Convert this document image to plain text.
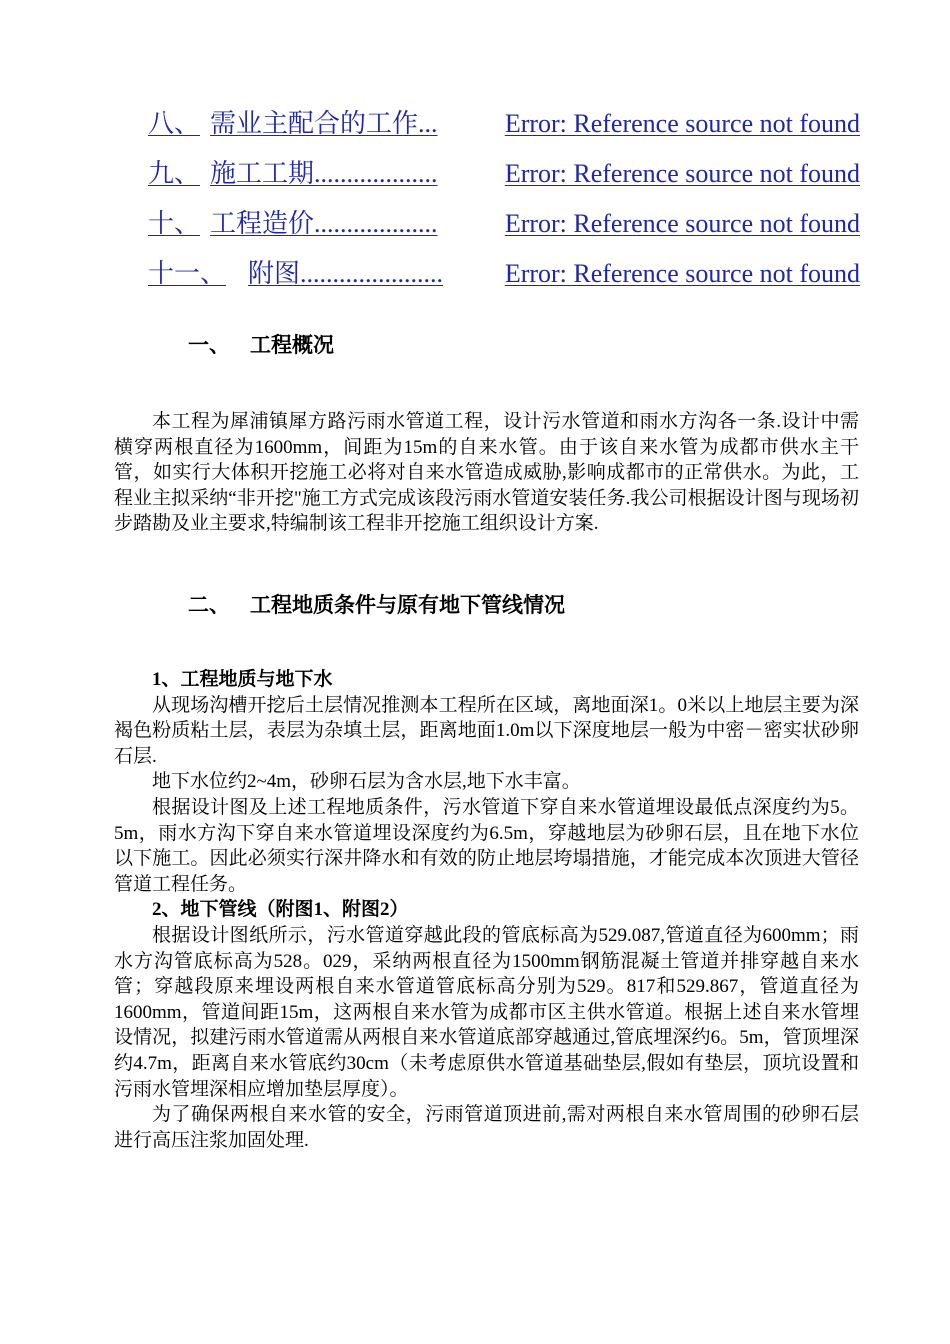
八、 需业主配合的工作 ...	Error: Reference source not found
九、 施工工期 ...................	Error: Reference source not found
十、 工程造价 ...................	Error: Reference source not found
十一、 附图 ......................	Error: Reference source not found
一、 工程概况

本工程为犀浦镇犀方路污雨水管道工程，设计污水管道和雨水方沟各一条.设计中需横穿两根直径为1600mm，间距为15m的自来水管。由于该自来水管为成都市供水主干管，如实行大体积开挖施工必将对自来水管造成威胁,影响成都市的正常供水。为此，工程业主拟采纳“非开挖"施工方式完成该段污雨水管道安装任务.我公司根据设计图与现场初步踏勘及业主要求,特编制该工程非开挖施工组织设计方案.

二、 工程地质条件与原有地下管线情况

1、工程地质与地下水

从现场沟槽开挖后土层情况推测本工程所在区域，离地面深1。0米以上地层主要为深褐色粉质粘土层，表层为杂填土层，距离地面1.0m以下深度地层一般为中密－密实状砂卵石层.

地下水位约2~4m，砂卵石层为含水层,地下水丰富。

根据设计图及上述工程地质条件，污水管道下穿自来水管道埋设最低点深度约为5。5m，雨水方沟下穿自来水管道埋设深度约为6.5m，穿越地层为砂卵石层，且在地下水位以下施工。因此必须实行深井降水和有效的防止地层垮塌措施，才能完成本次顶进大管径管道工程任务。

2、地下管线（附图1、附图2）

根据设计图纸所示，污水管道穿越此段的管底标高为529.087,管道直径为600mm；雨水方沟管底标高为528。029，采纳两根直径为1500mm钢筋混凝土管道并排穿越自来水管；穿越段原来埋设两根自来水管道管底标高分别为529。817和529.867，管道直径为1600mm，管道间距15m，这两根自来水管为成都市区主供水管道。根据上述自来水管埋设情况，拟建污雨水管道需从两根自来水管道底部穿越通过,管底埋深约6。5m，管顶埋深约4.7m，距离自来水管底约30cm（未考虑原供水管道基础垫层,假如有垫层，顶坑设置和污雨水管埋深相应增加垫层厚度）。

为了确保两根自来水管的安全，污雨管道顶进前,需对两根自来水管周围的砂卵石层进行高压注浆加固处理.
